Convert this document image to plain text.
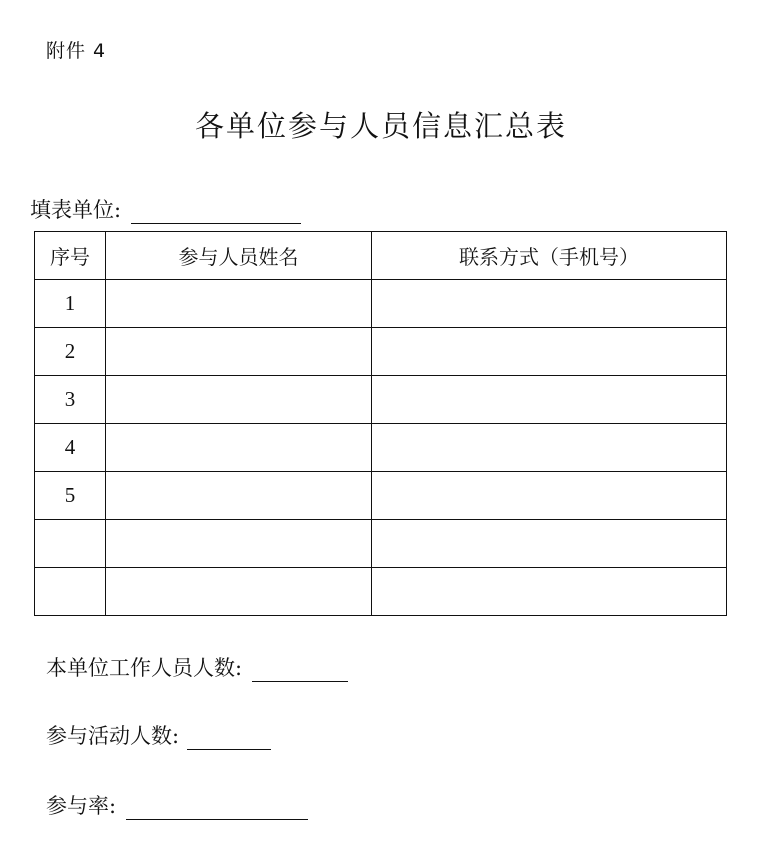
附件 4
各单位参与人员信息汇总表
填表单位:
序号	参与人员姓名	联系方式（手机号）
1		
2		
3		
4		
5		

本单位工作人员人数:
参与活动人数:
参与率:
